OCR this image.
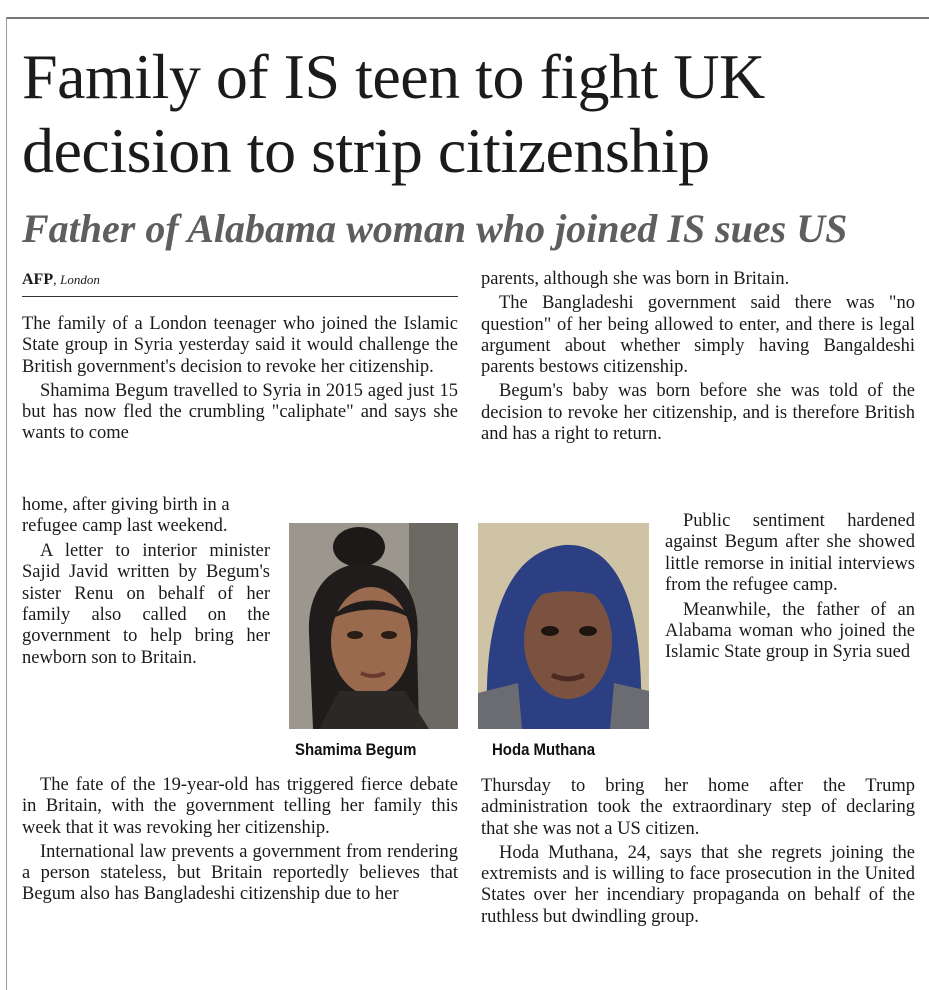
Family of IS teen to fight UK decision to strip citizenship
Father of Alabama woman who joined IS sues US
AFP, London

The family of a London teenager who joined the Islamic State group in Syria yesterday said it would challenge the British government's decision to revoke her citizenship.

Shamima Begum travelled to Syria in 2015 aged just 15 but has now fled the crumbling "caliphate" and says she wants to come

home, after giving birth in a refugee camp last weekend.

A letter to interior minister Sajid Javid written by Begum's sister Renu on behalf of her family also called on the government to help bring her newborn son to Britain.

The fate of the 19-year-old has triggered fierce debate in Britain, with the government telling her family this week that it was revoking her citizenship.

International law prevents a government from rendering a person stateless, but Britain reportedly believes that Begum also has Bangladeshi citizenship due to her

parents, although she was born in Britain.

The Bangladeshi government said there was "no question" of her being allowed to enter, and there is legal argument about whether simply having Bangaldeshi parents bestows citizenship.

Begum's baby was born before she was told of the decision to revoke her citizenship, and is therefore British and has a right to return.

Public sentiment hardened against Begum after she showed little remorse in initial interviews from the refugee camp.

Meanwhile, the father of an Alabama woman who joined the Islamic State group in Syria sued

Thursday to bring her home after the Trump administration took the extraordinary step of declaring that she was not a US citizen.

Hoda Muthana, 24, says that she regrets joining the extremists and is willing to face prosecution in the United States over her incendiary propaganda on behalf of the ruthless but dwindling group.

Shamima Begum	Hoda Muthana
